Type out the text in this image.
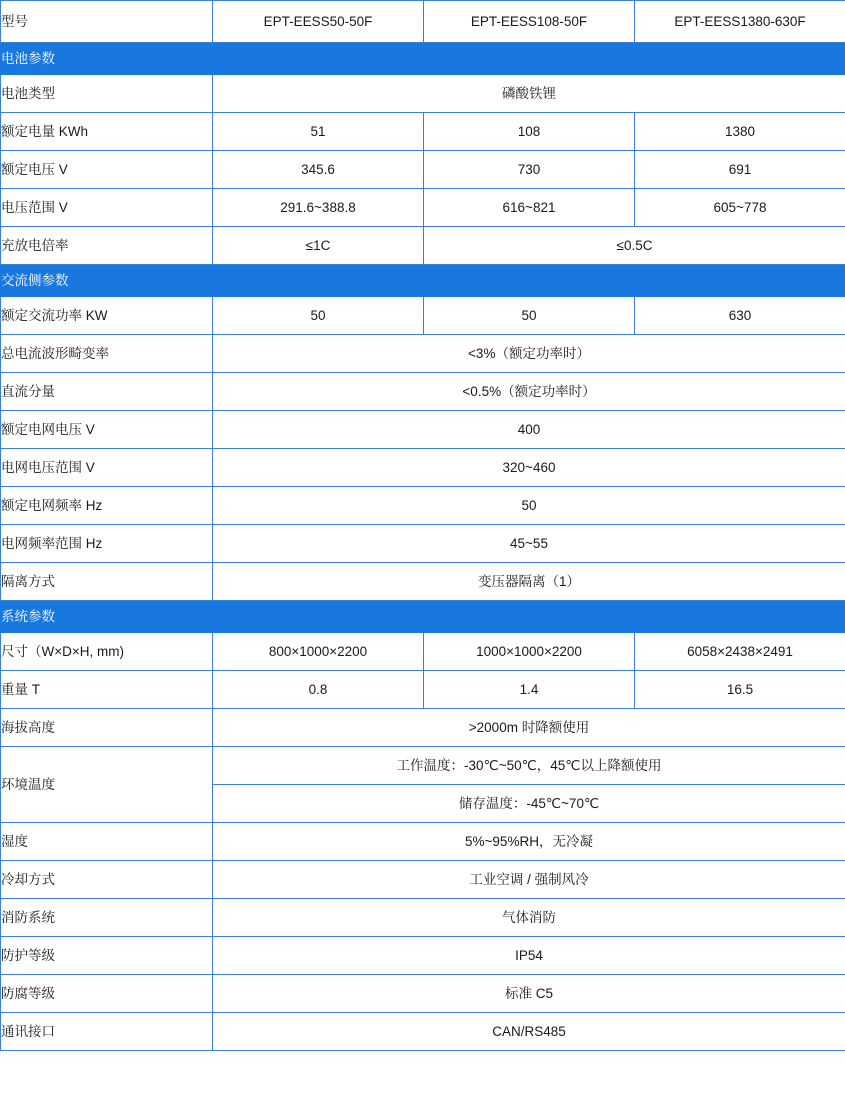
型号	EPT-EESS50-50F	EPT-EESS108-50F	EPT-EESS1380-630F
电池参数			
电池类型	磷酸铁锂		
额定电量 KWh	51	108	1380
额定电压 V	345.6	730	691
电压范围 V	291.6~388.8	616~821	605~778
充放电倍率	≤1C	≤0.5C	
交流侧参数			
额定交流功率 KW	50	50	630
总电流波形畸变率	<3%（额定功率时）		
直流分量	<0.5%（额定功率时）		
额定电网电压 V	400		
电网电压范围 V	320~460		
额定电网频率 Hz	50		
电网频率范围 Hz	45~55		
隔离方式	变压器隔离（1）		
系统参数			
尺寸（W×D×H, mm)	800×1000×2200	1000×1000×2200	6058×2438×2491
重量 T	0.8	1.4	16.5
海拔高度	>2000m 时降额使用		
环境温度	工作温度：-30℃~50℃，45℃以上降额使用		
	储存温度：-45℃~70℃		
湿度	5%~95%RH，无冷凝		
冷却方式	工业空调 / 强制风冷		
消防系统	气体消防		
防护等级	IP54		
防腐等级	标准 C5		
通讯接口	CAN/RS485		
